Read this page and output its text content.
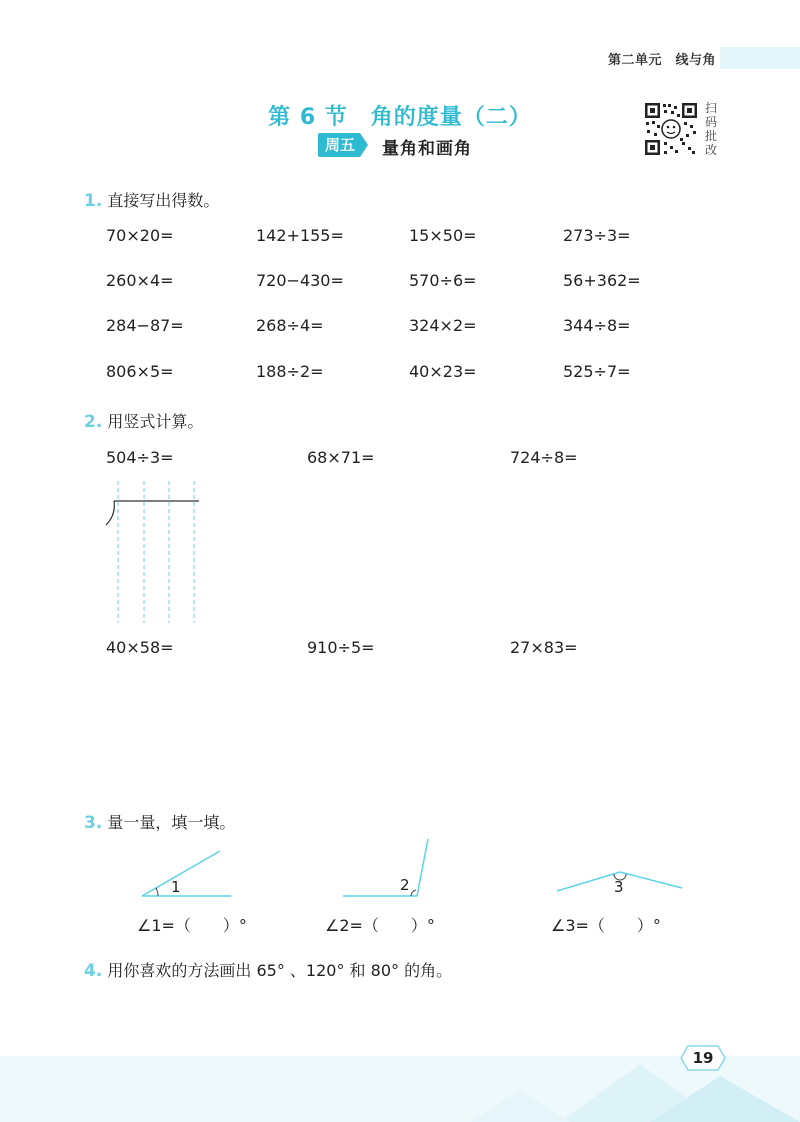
第二单元　线与角
第 6 节　角的度量（二）
周五	量角和画角
扫
码
批
改
1. 直接写出得数。
70×20=	142+155=	15×50=	273÷3=
260×4=	720−430=	570÷6=	56+362=
284−87=	268÷4=	324×2=	344÷8=
806×5=	188÷2=	40×23=	525÷7=
2. 用竖式计算。
504÷3=	68×71=	724÷8=
40×58=	910÷5=	27×83=
3. 量一量，填一填。
1	2	3
∠1=（　　）°	∠2=（　　）°	∠3=（　　）°
4. 用你喜欢的方法画出 65° 、120° 和 80° 的角。
19
